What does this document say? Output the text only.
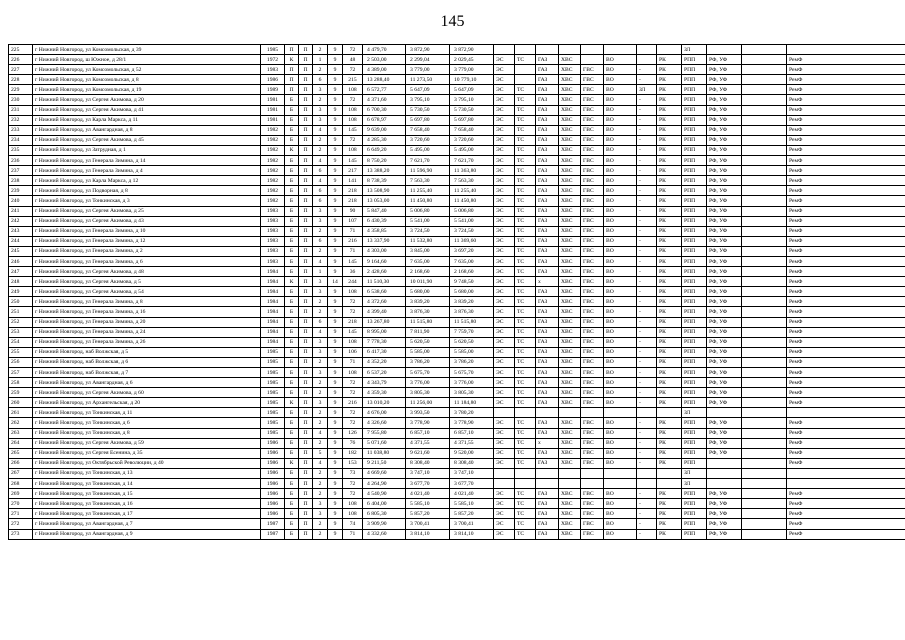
145
225	г Нижний Новгород, ул Комсомольская, д 39	1985	П	П	2	9	72	4 479,70	3 872,90	3 872,90									ЗЛ			
226	г Нижний Новгород, ш Южное, д 28/1	1972	К	П	1	9	48	2 503,00	2 299,04	2 029,45	ЭС	ТС	ГАЗ	ХВС		ВО		РК	РПП	РФ, УФ		РемФ
227	г Нижний Новгород, ул Комсомольская, д 52	1983	П	П	2	9	72	4 389,00	3 779,00	3 779,00	ЭС		ГАЗ	ХВС	ГВС	ВО	-	РК	РПП	РФ, УФ		РемФ
228	г Нижний Новгород, ул Комсомольская, д 8	1986	П	П	6	9	215	13 288,40	11 273,50	10 779,10	ЭС		ГАЗ	ХВС	ГВС	ВО	-	РК	РПП	РФ, УФ		РемФ
229	г Нижний Новгород, ул Комсомольская, д 19	1989	П	П	3	9	108	6 572,77	5 647,09	5 647,09	ЭС	ТС	ГАЗ	ХВС	ГВС	ВО	ЗЛ	РК	РПП	РФ, УФ		РемФ
230	г Нижний Новгород, ул Сергея Акимова, д 20	1981	Б	П	2	9	72	4 371,60	3 795,10	3 795,10	ЭС	ТС	ГАЗ	ХВС	ГВС	ВО	-	РК	РПП	РФ, УФ		РемФ
231	г Нижний Новгород, ул Сергея Акимова, д 41	1981	Б	П	3	9	108	6 700,30	5 730,50	5 730,50	ЭС	ТС	ГАЗ	ХВС	ГВС	ВО	-	РК	РПП	РФ, УФ		РемФ
232	г Нижний Новгород, ул Карла Маркса, д 11	1981	Б	П	3	9	108	6 678,97	5 697,80	5 697,80	ЭС	ТС	ГАЗ	ХВС	ГВС	ВО	-	РК	РПП	РФ, УФ		РемФ
233	г Нижний Новгород, ул Авангардная, д 8	1982	Б	П	4	9	145	9 639,00	7 658,40	7 658,40	ЭС	ТС	ГАЗ	ХВС	ГВС	ВО	-	РК	РПП	РФ, УФ		РемФ
234	г Нижний Новгород, ул Сергея Акимова, д 45	1982	Б	П	2	9	72	4 285,30	3 720,60	3 720,60	ЭС	ТС	ГАЗ	ХВС	ГВС	ВО	-	РК	РПП	РФ, УФ		РемФ
235	г Нижний Новгород, ул Затрудная, д 1	1982	К	П	2	9	108	6 649,20	5 495,00	5 495,00	ЭС	ТС	ГАЗ	ХВС	ГВС	ВО	-	РК	РПП	РФ, УФ		РемФ
236	г Нижний Новгород, ул Генерала Зимина, д 14	1982	Б	П	4	9	145	8 750,20	7 621,70	7 621,70	ЭС	ТС	ГАЗ	ХВС	ГВС	ВО	-	РК	РПП	РФ, УФ		РемФ
237	г Нижний Новгород, ул Генерала Зимина, д 4	1982	Б	П	6	9	217	13 388,20	11 596,90	11 363,80	ЭС	ТС	ГАЗ	ХВС	ГВС	ВО	-	РК	РПП	РФ, УФ		РемФ
238	г Нижний Новгород, ул Карла Маркса, д 12	1982	Б	П	4	9	141	8 738,39	7 563,30	7 563,30	ЭС	ТС	ГАЗ	ХВС	ГВС	ВО	-	РК	РПП	РФ, УФ		РемФ
239	г Нижний Новгород, ул Подворная, д 8	1982	Б	П	6	9	218	13 508,90	11 255,40	11 255,40	ЭС	ТС	ГАЗ	ХВС	ГВС	ВО	-	РК	РПП	РФ, УФ		РемФ
240	г Нижний Новгород, ул Тонкинская, д 3	1982	Б	П	6	9	218	13 053,00	11 450,80	11 450,80	ЭС	ТС	ГАЗ	ХВС	ГВС	ВО	-	РК	РПП	РФ, УФ		РемФ
241	г Нижний Новгород, ул Сергея Акимова, д 25	1983	Б	П	3	9	90	5 847,40	5 006,80	5 006,80	ЭС	ТС	ГАЗ	ХВС	ГВС	ВО	-	РК	РПП	РФ, УФ		РемФ
242	г Нижний Новгород, ул Сергея Акимова, д 43	1983	Б	П	3	9	107	6 430,39	5 541,00	5 541,00	ЭС	ТС	ГАЗ	ХВС	ГВС	ВО	-	РК	РПП	РФ, УФ		РемФ
243	г Нижний Новгород, ул Генерала Зимина, д 10	1983	Б	П	2	9	71	4 358,85	3 724,50	3 724,50	ЭС	ТС	ГАЗ	ХВС	ГВС	ВО	-	РК	РПП	РФ, УФ		РемФ
244	г Нижний Новгород, ул Генерала Зимина, д 12	1983	Б	П	6	9	216	13 337,90	11 532,80	11 369,60	ЭС	ТС	ГАЗ	ХВС	ГВС	ВО	-	РК	РПП	РФ, УФ		РемФ
245	г Нижний Новгород, ул Генерала Зимина, д 2	1983	Б	П	2	9	71	4 303,00	3 845,00	3 697,20	ЭС	ТС	ГАЗ	ХВС	ГВС	ВО	-	РК	РПП	РФ, УФ		РемФ
246	г Нижний Новгород, ул Генерала Зимина, д 6	1983	Б	П	4	9	145	9 164,60	7 635,00	7 635,00	ЭС	ТС	ГАЗ	ХВС	ГВС	ВО	-	РК	РПП	РФ, УФ		РемФ
247	г Нижний Новгород, ул Сергея Акимова, д 48	1984	Б	П	1	9	36	2 428,60	2 168,60	2 168,60	ЭС	ТС	ГАЗ	ХВС	ГВС	ВО	-	РК	РПП	РФ, УФ		РемФ
248	г Нижний Новгород, ул Сергея Акимова, д 5	1984	К	П	3	14	244	11 510,30	10 011,90	9 748,50	ЭС	ТС	х	ХВС	ГВС	ВО	-	РК	РПП	РФ, УФ		РемФ
249	г Нижний Новгород, ул Сергея Акимова, д 54	1984	Б	П	3	9	108	6 538,60	5 680,00	5 680,00	ЭС	ТС	ГАЗ	ХВС	ГВС	ВО	-	РК	РПП	РФ, УФ		РемФ
250	г Нижний Новгород, ул Генерала Зимина, д 8	1984	Б	П	2	9	72	4 372,60	3 839,20	3 839,20	ЭС	ТС	ГАЗ	ХВС	ГВС	ВО	-	РК	РПП	РФ, УФ		РемФ
251	г Нижний Новгород, ул Генерала Зимина, д 16	1984	Б	П	2	9	72	4 399,40	3 876,30	3 876,30	ЭС	ТС	ГАЗ	ХВС	ГВС	ВО	-	РК	РПП	РФ, УФ		РемФ
252	г Нижний Новгород, ул Генерала Зимина, д 20	1984	Б	П	6	9	218	13 267,80	11 515,80	11 515,80	ЭС	ТС	ГАЗ	ХВС	ГВС	ВО	-	РК	РПП	РФ, УФ		РемФ
253	г Нижний Новгород, ул Генерала Зимина, д 24	1984	Б	П	4	9	145	8 995,00	7 811,90	7 759,70	ЭС	ТС	ГАЗ	ХВС	ГВС	ВО	-	РК	РПП	РФ, УФ		РемФ
254	г Нижний Новгород, ул Генерала Зимина, д 26	1984	Б	П	3	9	108	7 778,30	5 620,50	5 620,50	ЭС	ТС	ГАЗ	ХВС	ГВС	ВО	-	РК	РПП	РФ, УФ		РемФ
255	г Нижний Новгород, наб Волжская, д 5	1985	Б	П	3	9	106	6 417,30	5 585,00	5 585,00	ЭС	ТС	ГАЗ	ХВС	ГВС	ВО	-	РК	РПП	РФ, УФ		РемФ
256	г Нижний Новгород, наб Волжская, д 6	1985	Б	П	2	9	71	4 352,20	3 786,20	3 786,20	ЭС	ТС	ГАЗ	ХВС	ГВС	ВО	-	РК	РПП	РФ, УФ		РемФ
257	г Нижний Новгород, наб Волжская, д 7	1985	Б	П	3	9	108	6 537,20	5 675,70	5 675,70	ЭС	ТС	ГАЗ	ХВС	ГВС	ВО	-	РК	РПП	РФ, УФ		РемФ
258	г Нижний Новгород, ул Авангардная, д 6	1985	Б	П	2	9	72	4 343,79	3 776,00	3 776,00	ЭС	ТС	ГАЗ	ХВС	ГВС	ВО	-	РК	РПП	РФ, УФ		РемФ
259	г Нижний Новгород, ул Сергея Акимова, д 60	1985	Б	П	2	9	72	4 359,30	3 805,30	3 805,30	ЭС	ТС	ГАЗ	ХВС	ГВС	ВО	-	РК	РПП	РФ, УФ		РемФ
260	г Нижний Новгород, ул Архангельская, д 20	1985	К	П	3	9	216	13 010,20	11 256,00	11 184,80	ЭС	ТС	ГАЗ	ХВС	ГВС	ВО	-	РК	РПП	РФ, УФ		РемФ
261	г Нижний Новгород, ул Тонкинская, д 11	1985	Б	П	2	9	72	4 676,00	3 993,50	3 780,20									ЗЛ			
262	г Нижний Новгород, ул Тонкинская, д 6	1985	Б	П	2	9	72	4 326,60	3 778,90	3 778,90	ЭС	ТС	ГАЗ	ХВС	ГВС	ВО	-	РК	РПП	РФ, УФ		РемФ
263	г Нижний Новгород, ул Тонкинская, д 8	1985	Б	П	4	9	126	7 955,80	6 857,10	6 857,10	ЭС	ТС	ГАЗ	ХВС	ГВС	ВО	-	РК	РПП	РФ, УФ		РемФ
264	г Нижний Новгород, ул Сергея Акимова, д 59	1986	Б	П	2	9	76	5 071,60	4 371,55	4 371,55	ЭС	ТС	х	ХВС	ГВС	ВО	-	РК	РПП	РФ, УФ		РемФ
265	г Нижний Новгород, ул Сергея Есенина, д 35	1986	Б	П	5	9	182	11 038,80	9 621,60	9 520,00	ЭС	ТС	ГАЗ	ХВС	ГВС	ВО	-	РК	РПП	РФ, УФ		РемФ
266	г Нижний Новгород, ул Октябрьской Революции, д 40	1986	К	П	4	9	153	9 211,50	8 308,40	8 308,40	ЭС	ТС	ГАЗ	ХВС	ГВС	ВО	-	РК	РПП			РемФ
267	г Нижний Новгород, ул Тонкинская, д 13	1986	Б	П	2	9	73	4 669,60	3 747,10	3 747,10									ЗЛ			
268	г Нижний Новгород, ул Тонкинская, д 14	1986	Б	П	2	9	72	4 264,90	3 677,70	3 677,70									ЗЛ			
269	г Нижний Новгород, ул Тонкинская, д 15	1986	Б	П	2	9	72	4 540,90	4 021,40	4 021,40	ЭС	ТС	ГАЗ	ХВС	ГВС	ВО	-	РК	РПП	РФ, УФ		РемФ
270	г Нижний Новгород, ул Тонкинская, д 16	1986	Б	П	3	9	108	6 404,00	5 585,10	5 585,10	ЭС	ТС	ГАЗ	ХВС	ГВС	ВО	-	РК	РПП	РФ, УФ		РемФ
271	г Нижний Новгород, ул Тонкинская, д 17	1986	Б	П	3	9	108	6 805,30	5 857,20	5 857,20	ЭС	ТС	ГАЗ	ХВС	ГВС	ВО	-	РК	РПП	РФ, УФ		РемФ
272	г Нижний Новгород, ул Авангардная, д 7	1987	Б	П	2	9	74	3 909,90	3 700,41	3 700,41	ЭС	ТС	ГАЗ	ХВС	ГВС	ВО	-	РК	РПП	РФ, УФ		РемФ
273	г Нижний Новгород, ул Авангардная, д 9	1987	Б	П	2	9	71	4 332,60	3 814,10	3 814,10	ЭС	ТС	ГАЗ	ХВС	ГВС	ВО	-	РК	РПП	РФ, УФ		РемФ
